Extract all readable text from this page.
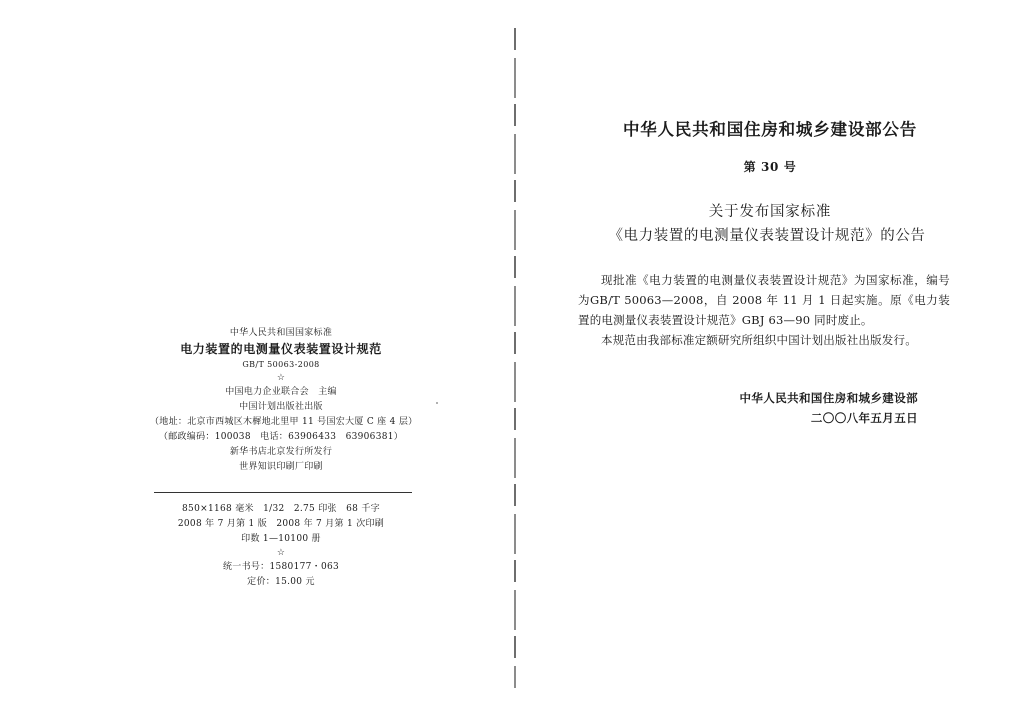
中华人民共和国国家标准
电力装置的电测量仪表装置设计规范
GB/T 50063-2008
☆
中国电力企业联合会　主编
中国计划出版社出版
（地址：北京市西城区木樨地北里甲 11 号国宏大厦 C 座 4 层）
（邮政编码：100038　电话：63906433　63906381）
新华书店北京发行所发行
世界知识印刷厂印刷
850×1168 毫米　1/32　2.75 印张　68 千字
2008 年 7 月第 1 版　2008 年 7 月第 1 次印刷
印数 1—10100 册
☆
统一书号：1580177・063
定价：15.00 元
中华人民共和国住房和城乡建设部公告
第 30 号
关于发布国家标准
《电力装置的电测量仪表装置设计规范》的公告

现批准《电力装置的电测量仪表装置设计规范》为国家标准，编号为GB/T 50063—2008，自 2008 年 11 月 1 日起实施。原《电力装置的电测量仪表装置设计规范》GBJ 63—90 同时废止。

本规范由我部标准定额研究所组织中国计划出版社出版发行。

中华人民共和国住房和城乡建设部
二〇〇八年五月五日
